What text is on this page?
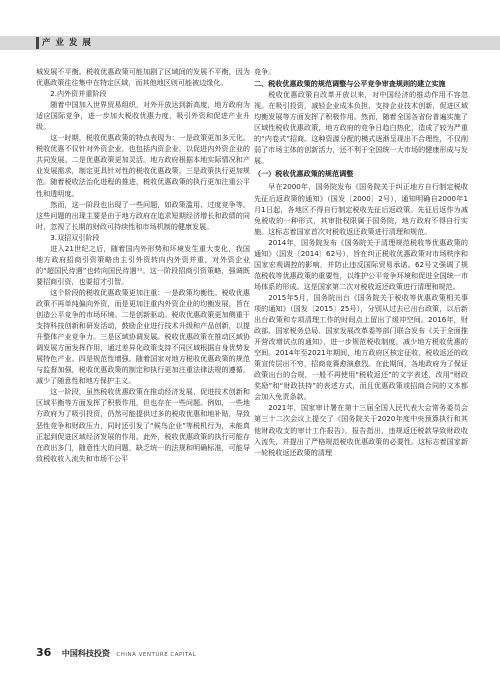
产 业 发 展

城发展不平衡。税收优惠政策可能加剧了区域间的发展不平衡，因为优惠政策往往集中在特定区域，而其他地区则可能被边缘化。

2.内外资并重阶段

随着中国加入世界贸易组织，对外开放达到新高度，地方政府为适应国际竞争，进一步加大税收优惠力度，吸引外资和促进产业升级。

这一时期，税收优惠政策的特点表现为：一是政策更加多元化。税收优惠不仅针对外资企业，也包括内资企业，以促进内外资企业的共同发展。二是优惠政策更加灵活。地方政府根据本地实际情况和产业发展需求，制定更具针对性的税收优惠政策。三是政策执行更加规范。随着税收法治化进程的推进，税收优惠政策的执行更加注重公平性和透明度。

然而，这一阶段也出现了一些问题，如政策滥用、过度竞争等。这些问题的出现主要是由于地方政府在追求短期经济增长和政绩的同时，忽视了长期的财政可持续性和市场机制的健康发展。

3.双招双引阶段

进入21世纪之后，随着国内外形势和环境发生重大变化，我国地方政府招商引资策略由主引外资转向内外资并重，对外资企业的“超国民待遇”也转向国民待遇¹¹。这一阶段招商引资策略，强调既要招商引资，也要招才引智。

这个阶段的税收优惠政策更加注重：一是政策均衡性。税收优惠政策不再单纯偏向外资，而是更加注重内外资企业的均衡发展，旨在创造公平竞争的市场环境。二是创新驱动。税收优惠政策更加侧重于支持科技创新和研发活动，鼓励企业进行技术升级和产品创新，以提升整体产业竞争力。三是区域协调发展。税收优惠政策在推动区域协调发展方面发挥作用，通过差异化政策支持不同区域根据自身优势发展特色产业。四是规范性增强。随着国家对地方税收优惠政策的规范与监督加强，税收优惠政策的制定和执行更加注重法律法规的遵循，减少了随意性和地方保护主义。

这一阶段，虽然税收优惠政策在推动经济发展、促进技术创新和区域平衡等方面发挥了积极作用，但也存在一些问题。例如，一些地方政府为了吸引投资，仍然可能提供过多的税收优惠和地补贴，导致恶性竞争和财政压力，同时还引发了“候鸟企业”等税机行为，未能真正起到促进区域经济发展的作用。此外，税收优惠政策的执行可能存在政出多门，随意性大的问题，缺乏统一的法规和明确标准，可能导致税收收入流失和市场不公平

竞争。

二、税收优惠政策的规范调整与公平竞争审查规则的建立实施

税收优惠政策自改革开放以来，对中国经济的推动作用不容忽视。在吸引投资，减轻企业成本负担，支持企业技术创新，促进区域均衡发展等方面发挥了积极作用。然而，随着全国各省份普遍实施了区域性税收优惠政策，地方政府的竞争日趋白热化，造成了较为严重的“内卷式”招商。这种资源分配的模式逐渐呈现出不合理性，不仅削弱了市场主体的创新活力，还不利于全国统一大市场的健康形成与发展。

（一）税收优惠政策的规范调整

早在2000年，国务院发布《国务院关于纠正地方自行制定税收先征后返政策的通知》（国发〔2000〕2号），通知明确自2000年1月1日起，各地区不得自行制定税收先征后返政策。先征后返作为减免税收的一种形式，其审批权限属于国务院，地方政府不得自行实施。这标志着国家首次对税收返还政策进行清理和规范。

2014年，国务院发布《国务院关于清理规范税收等优惠政策的通知》（国发〔2014〕62号），旨在纠正税收优惠政策对市场秩序和国家宏观调控的影响，并防止违反国际贸易承诺。62号文强调了规范税收等优惠政策的重要性，以维护公平竞争环境和促进全国统一市场体系的形成。这是国家第二次对税收返还政策进行清理和规范。

2015年5月，国务院出台《国务院关于税收等优惠政策相关事项的通知》（国发〔2015〕25号），分别从过去已出台政策，以后新出台政策和专项清理工作的时间点上留出了缓冲空间。2016年，财政部、国家税务总局、国家发展改革委等部门联合发布《关于全面推开营改增试点的通知》，进一步规范税收制度，减少地方税收优惠的空间。2014年至2021年期间，地方政府区核定征收、税收返还的政策宣传层出不穷，招商竞赛愈演愈烈。在此期间，各地政府为了保证政策出台的合规，一般不再使用“税收返还”的文字表述，改用“财政奖励”和“财政扶持”的表述方式，而且优惠政策或招商合同的文本都会加入免责条款。

2021年，国家审计署在第十三届全国人民代表大会常务委员会第三十二次会议上提交了《国务院关于2020年度中央预算执行和其他财政收支的审计工作报告》，报告指出，违规返还税款导致财政收入流失，并提出了严格规范税收优惠政策的必要性。这标志着国家新一轮税收返还政策的清理

36 中国科技投资 CHINA VENTURE CAPITAL
